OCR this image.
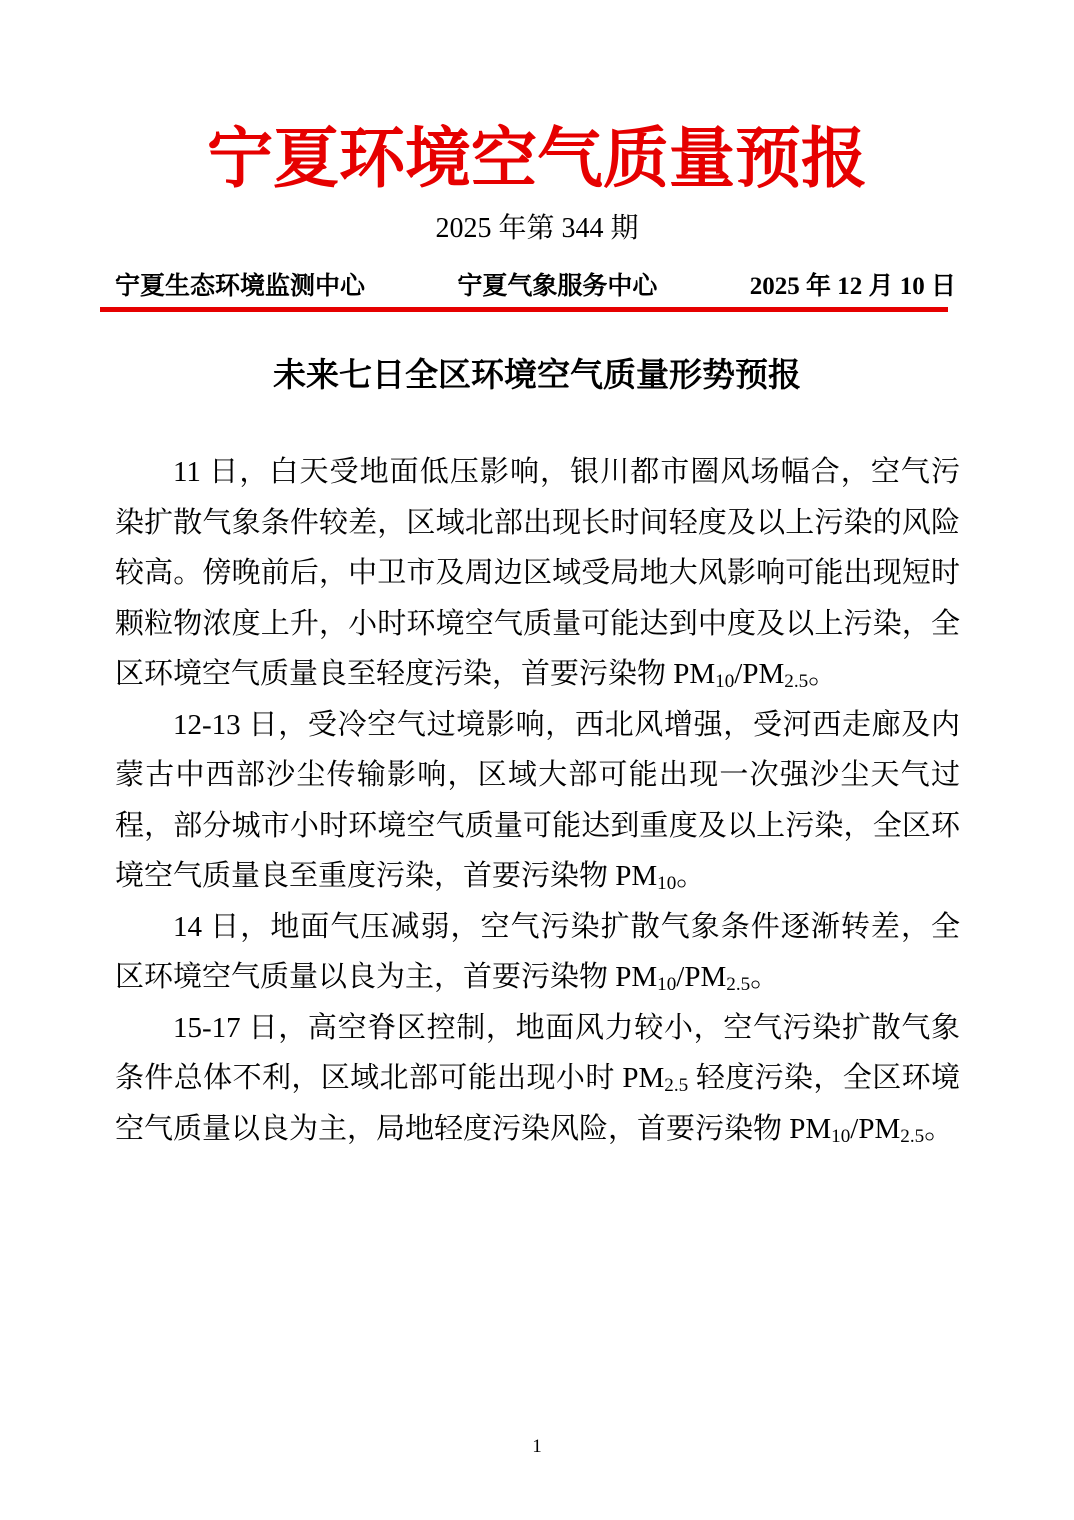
宁夏环境空气质量预报
2025 年第 344 期
宁夏生态环境监测中心	宁夏气象服务中心	2025 年 12 月 10 日
未来七日全区环境空气质量形势预报

11 日，白天受地面低压影响，银川都市圈风场幅合，空气污染扩散气象条件较差，区域北部出现长时间轻度及以上污染的风险较高。傍晚前后，中卫市及周边区域受局地大风影响可能出现短时颗粒物浓度上升，小时环境空气质量可能达到中度及以上污染，全区环境空气质量良至轻度污染，首要污染物 $PM_{10}/PM_{2.5}$。

12-13 日，受冷空气过境影响，西北风增强，受河西走廊及内蒙古中西部沙尘传输影响，区域大部可能出现一次强沙尘天气过程，部分城市小时环境空气质量可能达到重度及以上污染，全区环境空气质量良至重度污染，首要污染物 $PM_{10}$。

14 日，地面气压减弱，空气污染扩散气象条件逐渐转差，全区环境空气质量以良为主，首要污染物 $PM_{10}/PM_{2.5}$。

15-17 日，高空脊区控制，地面风力较小，空气污染扩散气象条件总体不利，区域北部可能出现小时 $PM_{2.5}$ 轻度污染，全区环境空气质量以良为主，局地轻度污染风险，首要污染物 $PM_{10}/PM_{2.5}$。

1
